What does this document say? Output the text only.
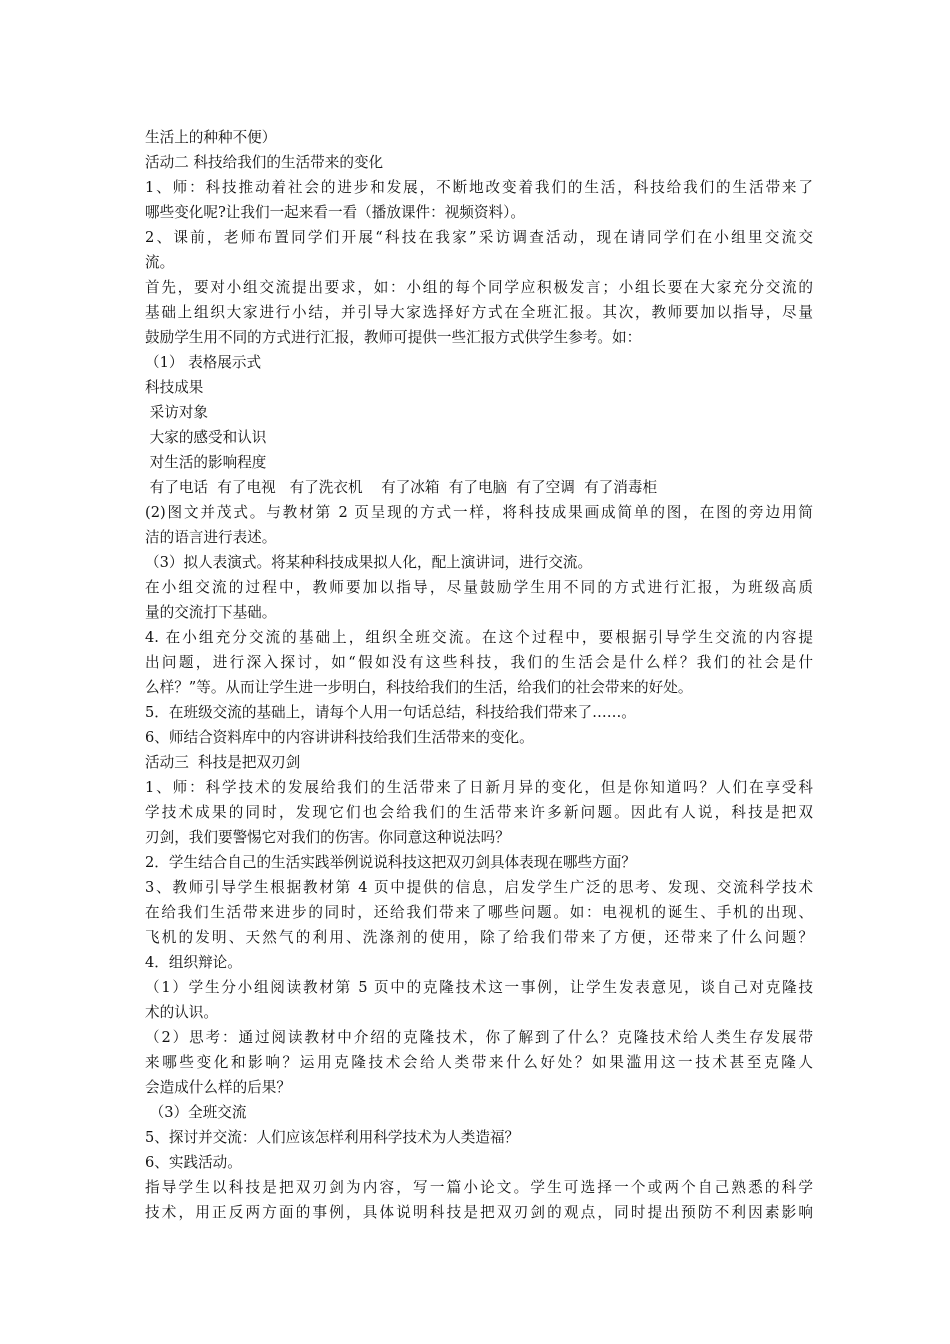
生活上的种种不便）

活动二 科技给我们的生活带来的变化

1、师：科技推动着社会的进步和发展，不断地改变着我们的生活，科技给我们的生活带来了

哪些变化呢?让我们一起来看一看（播放课件：视频资料）。

2、课前，老师布置同学们开展“科技在我家”采访调查活动，现在请同学们在小组里交流交

流。

首先，要对小组交流提出要求，如：小组的每个同学应积极发言；小组长要在大家充分交流的

基础上组织大家进行小结，并引导大家选择好方式在全班汇报。其次，教师要加以指导，尽量

鼓励学生用不同的方式进行汇报，教师可提供一些汇报方式供学生参考。如：

（1） 表格展示式

科技成果

采访对象

大家的感受和认识

对生活的影响程度

有了电话  有了电视   有了洗衣机    有了冰箱  有了电脑  有了空调  有了消毒柜

(2)图文并茂式。与教材第 2 页呈现的方式一样，将科技成果画成简单的图，在图的旁边用简

洁的语言进行表述。

（3）拟人表演式。将某种科技成果拟人化，配上演讲词，进行交流。

在小组交流的过程中，教师要加以指导，尽量鼓励学生用不同的方式进行汇报，为班级高质

量的交流打下基础。

4. 在小组充分交流的基础上，组织全班交流。在这个过程中，要根据引导学生交流的内容提

出问题，进行深入探讨，如“假如没有这些科技，我们的生活会是什么样？我们的社会是什

么样？”等。从而让学生进一步明白，科技给我们的生活，给我们的社会带来的好处。

5．在班级交流的基础上，请每个人用一句话总结，科技给我们带来了……。

6、师结合资料库中的内容讲讲科技给我们生活带来的变化。

活动三  科技是把双刃剑

1、师：科学技术的发展给我们的生活带来了日新月异的变化，但是你知道吗？人们在享受科

学技术成果的同时，发现它们也会给我们的生活带来许多新问题。因此有人说，科技是把双

刃剑，我们要警惕它对我们的伤害。你同意这种说法吗？

2．学生结合自己的生活实践举例说说科技这把双刃剑具体表现在哪些方面？

3、教师引导学生根据教材第 4 页中提供的信息，启发学生广泛的思考、发现、交流科学技术

在给我们生活带来进步的同时，还给我们带来了哪些问题。如：电视机的诞生、手机的出现、

飞机的发明、天然气的利用、洗涤剂的使用，除了给我们带来了方便，还带来了什么问题？

4．组织辩论。

（1）学生分小组阅读教材第 5 页中的克隆技术这一事例，让学生发表意见，谈自己对克隆技

术的认识。

（2）思考：通过阅读教材中介绍的克隆技术，你了解到了什么？克隆技术给人类生存发展带

来哪些变化和影响？运用克隆技术会给人类带来什么好处？如果滥用这一技术甚至克隆人

会造成什么样的后果？

（3）全班交流

5、探讨并交流：人们应该怎样利用科学技术为人类造福？

6、实践活动。

指导学生以科技是把双刃剑为内容，写一篇小论文。学生可选择一个或两个自己熟悉的科学

技术，用正反两方面的事例，具体说明科技是把双刃剑的观点，同时提出预防不利因素影响
